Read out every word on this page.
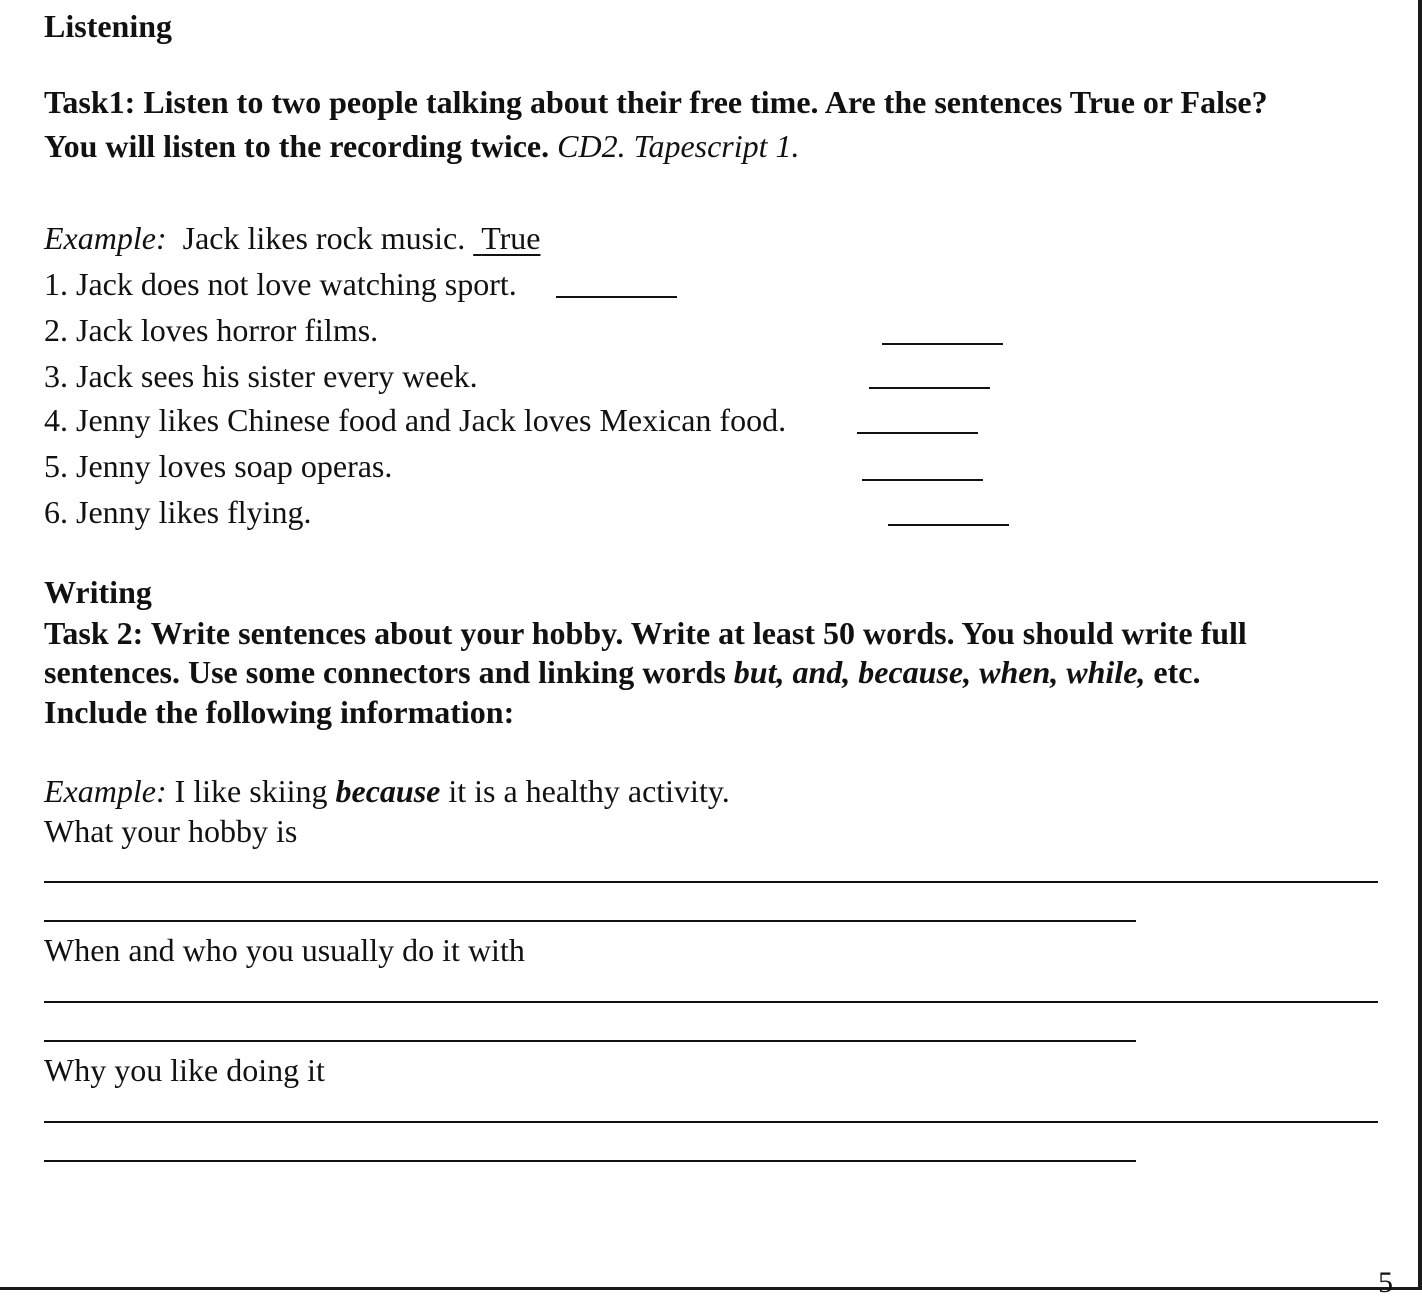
5
Listening
Task1: Listen to two people talking about their free time. Are the sentences True or False?
You will listen to the recording twice. CD2. Tapescript 1.
Example: Jack likes rock music. True
1. Jack does not love watching sport.
2. Jack loves horror films.
3. Jack sees his sister every week.
4. Jenny likes Chinese food and Jack loves Mexican food.
5. Jenny loves soap operas.
6. Jenny likes flying.
Writing
Task 2: Write sentences about your hobby. Write at least 50 words. You should write full
sentences. Use some connectors and linking words but, and, because, when, while, etc.
Include the following information:
Example: I like skiing because it is a healthy activity.
What your hobby is
When and who you usually do it with
Why you like doing it
